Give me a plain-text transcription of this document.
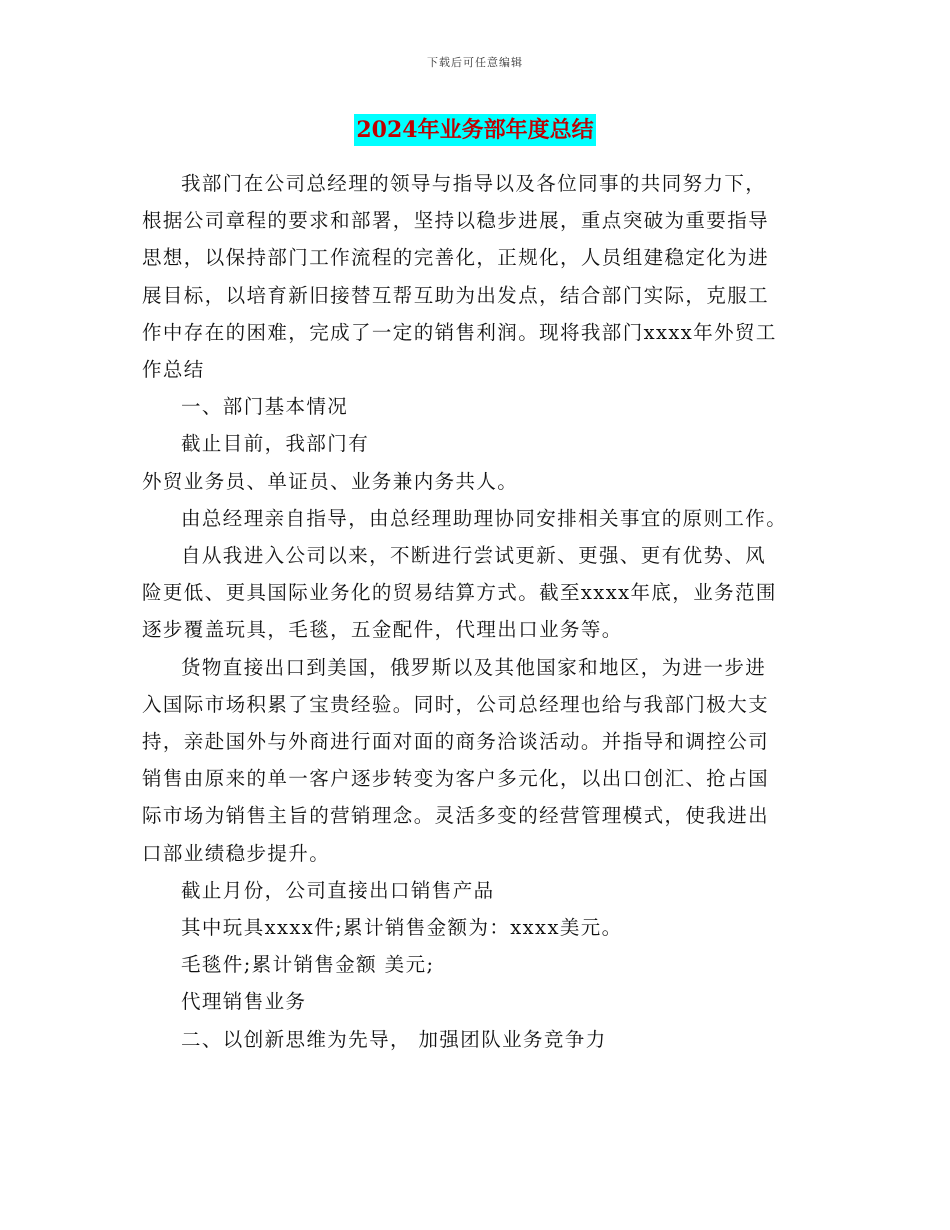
下载后可任意编辑
2024年业务部年度总结
我部门在公司总经理的领导与指导以及各位同事的共同努力下，
根据公司章程的要求和部署，坚持以稳步进展，重点突破为重要指导
思想，以保持部门工作流程的完善化，正规化，人员组建稳定化为进
展目标，以培育新旧接替互帮互助为出发点，结合部门实际，克服工
作中存在的困难，完成了一定的销售利润。现将我部门xxxx年外贸工
作总结
一、部门基本情况
截止目前，我部门有
外贸业务员、单证员、业务兼内务共人。
由总经理亲自指导，由总经理助理协同安排相关事宜的原则工作。
自从我进入公司以来，不断进行尝试更新、更强、更有优势、风
险更低、更具国际业务化的贸易结算方式。截至xxxx年底，业务范围
逐步覆盖玩具，毛毯，五金配件，代理出口业务等。
货物直接出口到美国，俄罗斯以及其他国家和地区，为进一步进
入国际市场积累了宝贵经验。同时，公司总经理也给与我部门极大支
持，亲赴国外与外商进行面对面的商务洽谈活动。并指导和调控公司
销售由原来的单一客户逐步转变为客户多元化，以出口创汇、抢占国
际市场为销售主旨的营销理念。灵活多变的经营管理模式，使我进出
口部业绩稳步提升。
截止月份，公司直接出口销售产品
其中玩具xxxx件;累计销售金额为：xxxx美元。
毛毯件;累计销售金额 美元;
代理销售业务
二、以创新思维为先导， 加强团队业务竞争力
